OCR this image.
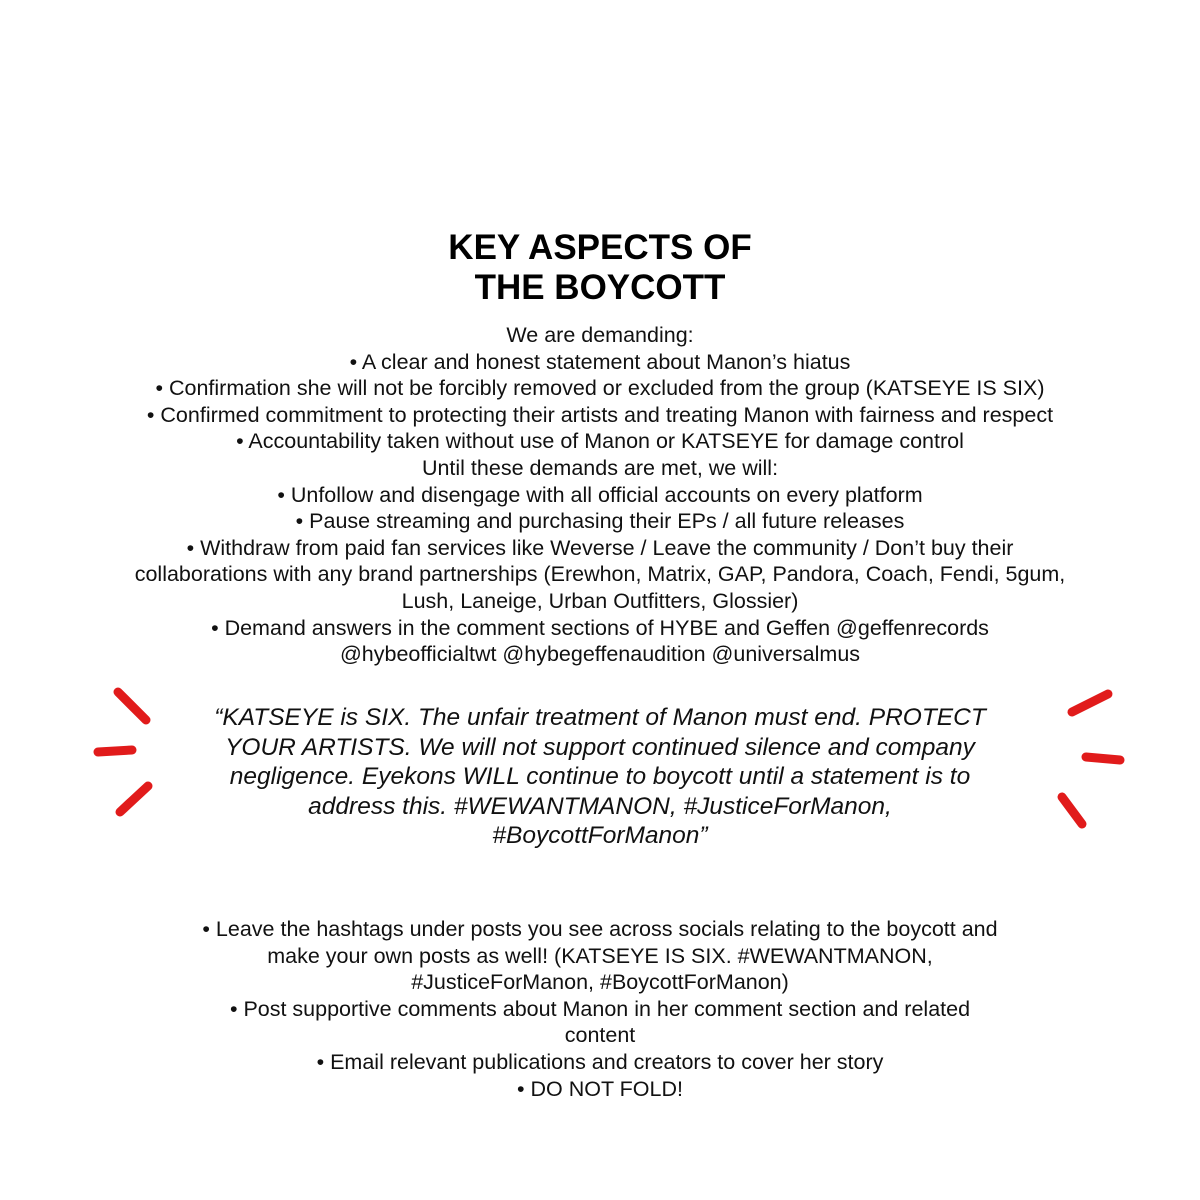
KEY ASPECTS OF
THE BOYCOTT
We are demanding:
• A clear and honest statement about Manon’s hiatus
• Confirmation she will not be forcibly removed or excluded from the group (KATSEYE IS SIX)
• Confirmed commitment to protecting their artists and treating Manon with fairness and respect
• Accountability taken without use of Manon or KATSEYE for damage control
Until these demands are met, we will:
• Unfollow and disengage with all official accounts on every platform
• Pause streaming and purchasing their EPs / all future releases
• Withdraw from paid fan services like Weverse / Leave the community / Don’t buy their
collaborations with any brand partnerships (Erewhon, Matrix, GAP, Pandora, Coach, Fendi, 5gum,
Lush, Laneige, Urban Outfitters, Glossier)
• Demand answers in the comment sections of HYBE and Geffen @geffenrecords
@hybeofficialtwt @hybegeffenaudition @universalmus
“KATSEYE is SIX. The unfair treatment of Manon must end. PROTECT
YOUR ARTISTS. We will not support continued silence and company
negligence. Eyekons WILL continue to boycott until a statement is to
address this. #WEWANTMANON, #JusticeForManon,
#BoycottForManon”
• Leave the hashtags under posts you see across socials relating to the boycott and
make your own posts as well! (KATSEYE IS SIX. #WEWANTMANON,
#JusticeForManon, #BoycottForManon)
• Post supportive comments about Manon in her comment section and related
content
• Email relevant publications and creators to cover her story
• DO NOT FOLD!
